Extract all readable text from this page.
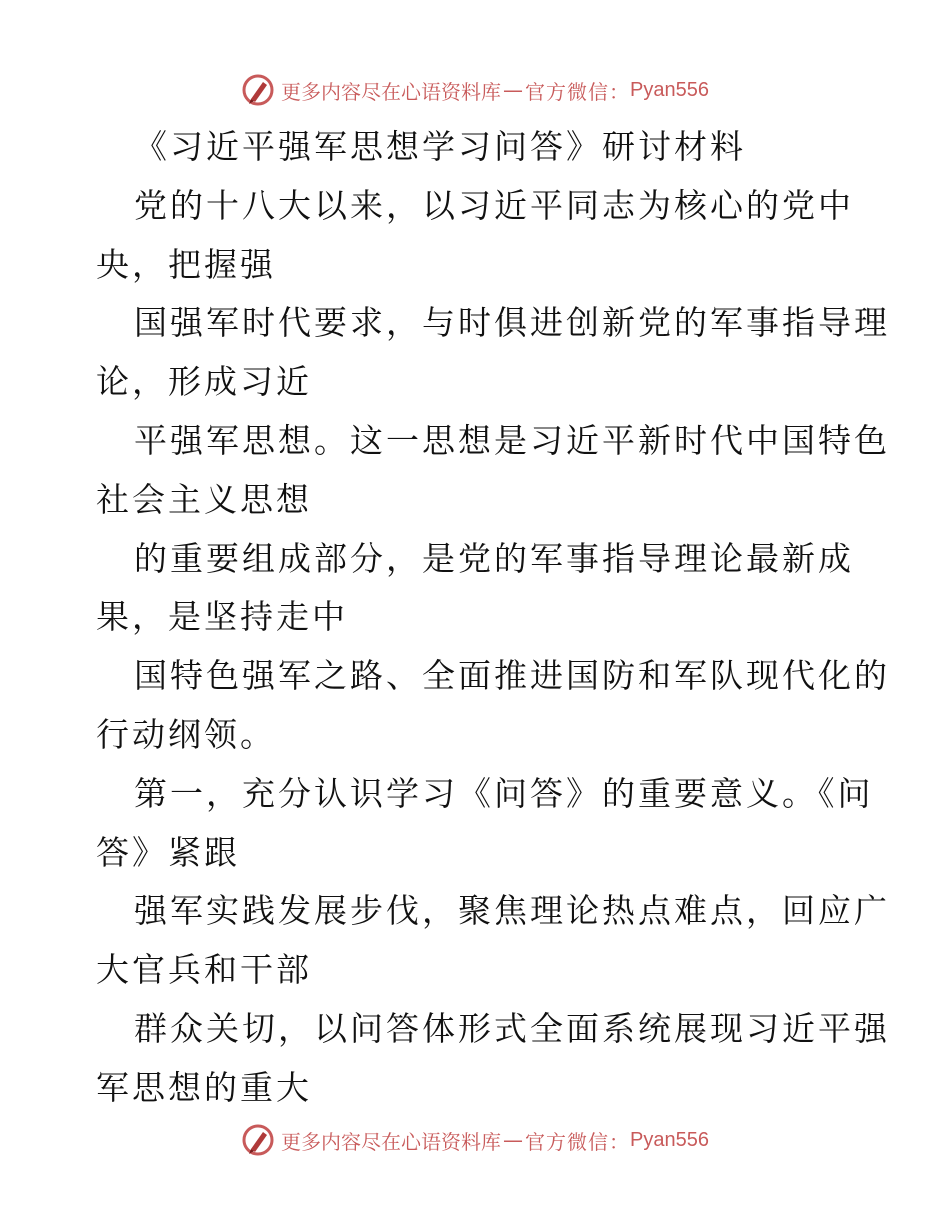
更多内容尽在心语资料库 — 官方微信： Pyan556
《习近平强军思想学习问答》研讨材料
党的十八大以来，以习近平同志为核心的党中
央，把握强
国强军时代要求，与时俱进创新党的军事指导理
论，形成习近
平强军思想。这一思想是习近平新时代中国特色
社会主义思想
的重要组成部分，是党的军事指导理论最新成
果，是坚持走中
国特色强军之路、全面推进国防和军队现代化的
行动纲领。
第一，充分认识学习《问答》的重要意义。《问
答》紧跟
强军实践发展步伐，聚焦理论热点难点，回应广
大官兵和干部
群众关切，以问答体形式全面系统展现习近平强
军思想的重大
更多内容尽在心语资料库 — 官方微信： Pyan556
